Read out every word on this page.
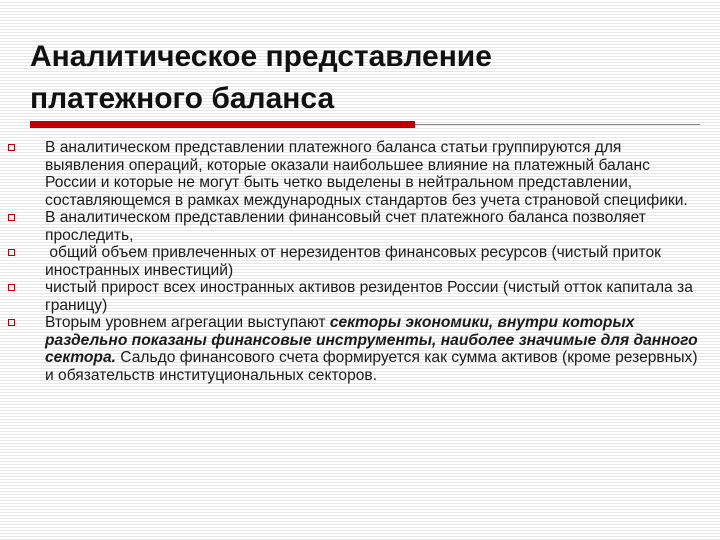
Аналитическое представление
платежного баланса
В аналитическом представлении платежного баланса статьи группируются для выявления операций, которые оказали наибольшее влияние на платежный баланс России и которые не могут быть четко выделены в нейтральном представлении, составляющемся в рамках международных стандартов без учета страновой специфики.
В аналитическом представлении финансовый счет платежного баланса позволяет проследить,
общий объем привлеченных от нерезидентов финансовых ресурсов (чистый приток иностранных инвестиций)
чистый прирост всех иностранных активов резидентов России (чистый отток капитала за границу)
Вторым уровнем агрегации выступают секторы экономики, внутри которых раздельно показаны финансовые инструменты, наиболее значимые для данного сектора. Сальдо финансового счета формируется как сумма активов (кроме резервных) и обязательств институциональных секторов.
